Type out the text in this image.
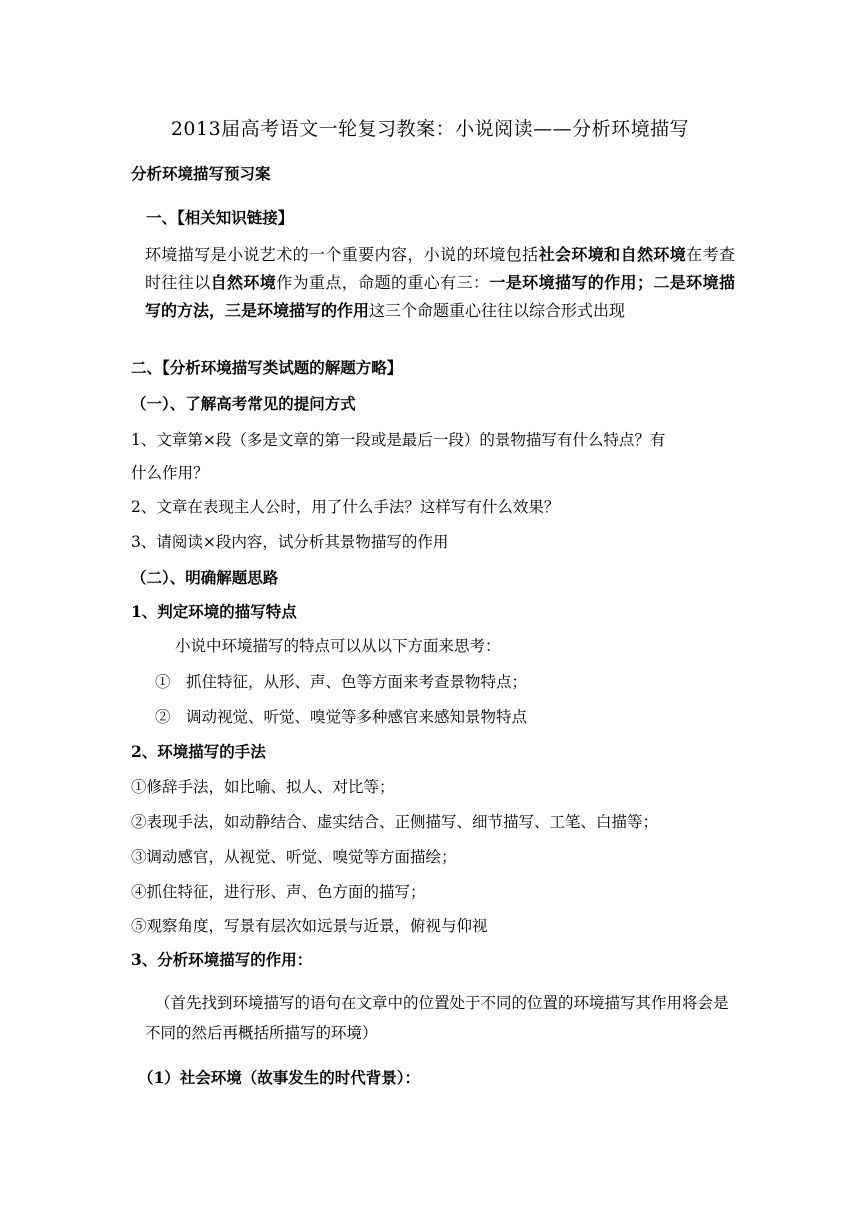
2013届高考语文一轮复习教案：小说阅读——分析环境描写
分析环境描写预习案
一、【相关知识链接】
环境描写是小说艺术的一个重要内容，小说的环境包括社会环境和自然环境在考查时往往以自然环境作为重点，命题的重心有三：一是环境描写的作用；二是环境描写的方法，三是环境描写的作用这三个命题重心往往以综合形式出现
二、【分析环境描写类试题的解题方略】
（一）、了解高考常见的提问方式
1、文章第×段（多是文章的第一段或是最后一段）的景物描写有什么特点？有
什么作用？
2、文章在表现主人公时，用了什么手法？这样写有什么效果？
3、请阅读×段内容，试分析其景物描写的作用
（二）、明确解题思路
1、判定环境的描写特点
小说中环境描写的特点可以从以下方面来思考：
①　抓住特征，从形、声、色等方面来考查景物特点；
②　调动视觉、听觉、嗅觉等多种感官来感知景物特点
2、环境描写的手法
①修辞手法，如比喻、拟人、对比等；
②表现手法，如动静结合、虚实结合、正侧描写、细节描写、工笔、白描等；
③调动感官，从视觉、听觉、嗅觉等方面描绘；
④抓住特征，进行形、声、色方面的描写；
⑤观察角度，写景有层次如远景与近景，俯视与仰视
3、分析环境描写的作用：
（首先找到环境描写的语句在文章中的位置处于不同的位置的环境描写其作用将会是不同的然后再概括所描写的环境）
（1）社会环境（故事发生的时代背景）：
